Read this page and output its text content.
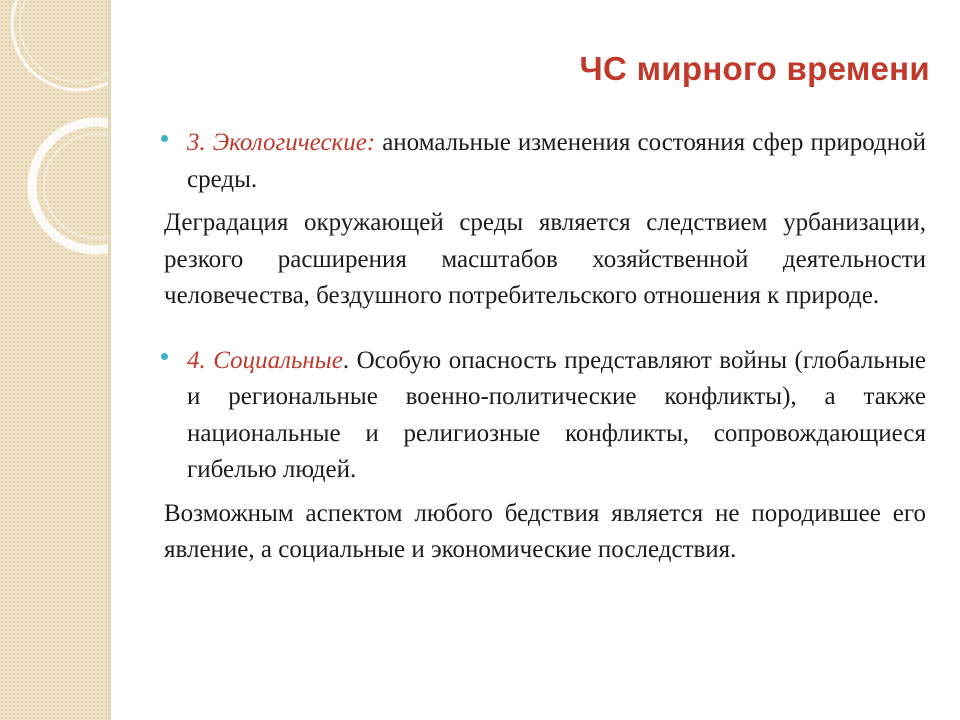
ЧС мирного времени

3. Экологические: аномальные изменения состояния сфер природной среды.

Деградация окружающей среды является следствием урбанизации, резкого расширения масштабов хозяйственной деятельности человечества, бездушного потребительского отношения к природе.

4. Социальные. Особую опасность представляют войны (глобальные и региональные военно-политические конфликты), а также национальные и религиозные конфликты, сопровождающиеся гибелью людей.

Возможным аспектом любого бедствия является не породившее его явление, а социальные и экономические последствия.
